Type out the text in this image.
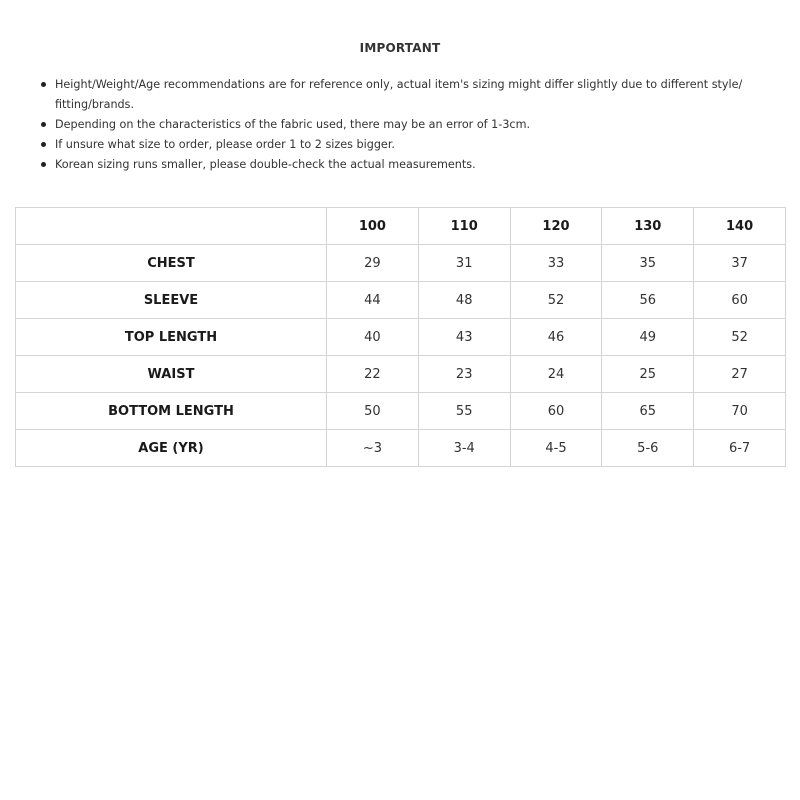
IMPORTANT
Height/Weight/Age recommendations are for reference only, actual item's sizing might differ slightly due to different style/ fitting/brands.
Depending on the characteristics of the fabric used, there may be an error of 1-3cm.
If unsure what size to order, please order 1 to 2 sizes bigger.
Korean sizing runs smaller, please double-check the actual measurements.
	100	110	120	130	140
CHEST	29	31	33	35	37
SLEEVE	44	48	52	56	60
TOP LENGTH	40	43	46	49	52
WAIST	22	23	24	25	27
BOTTOM LENGTH	50	55	60	65	70
AGE (YR)	~3	3-4	4-5	5-6	6-7
